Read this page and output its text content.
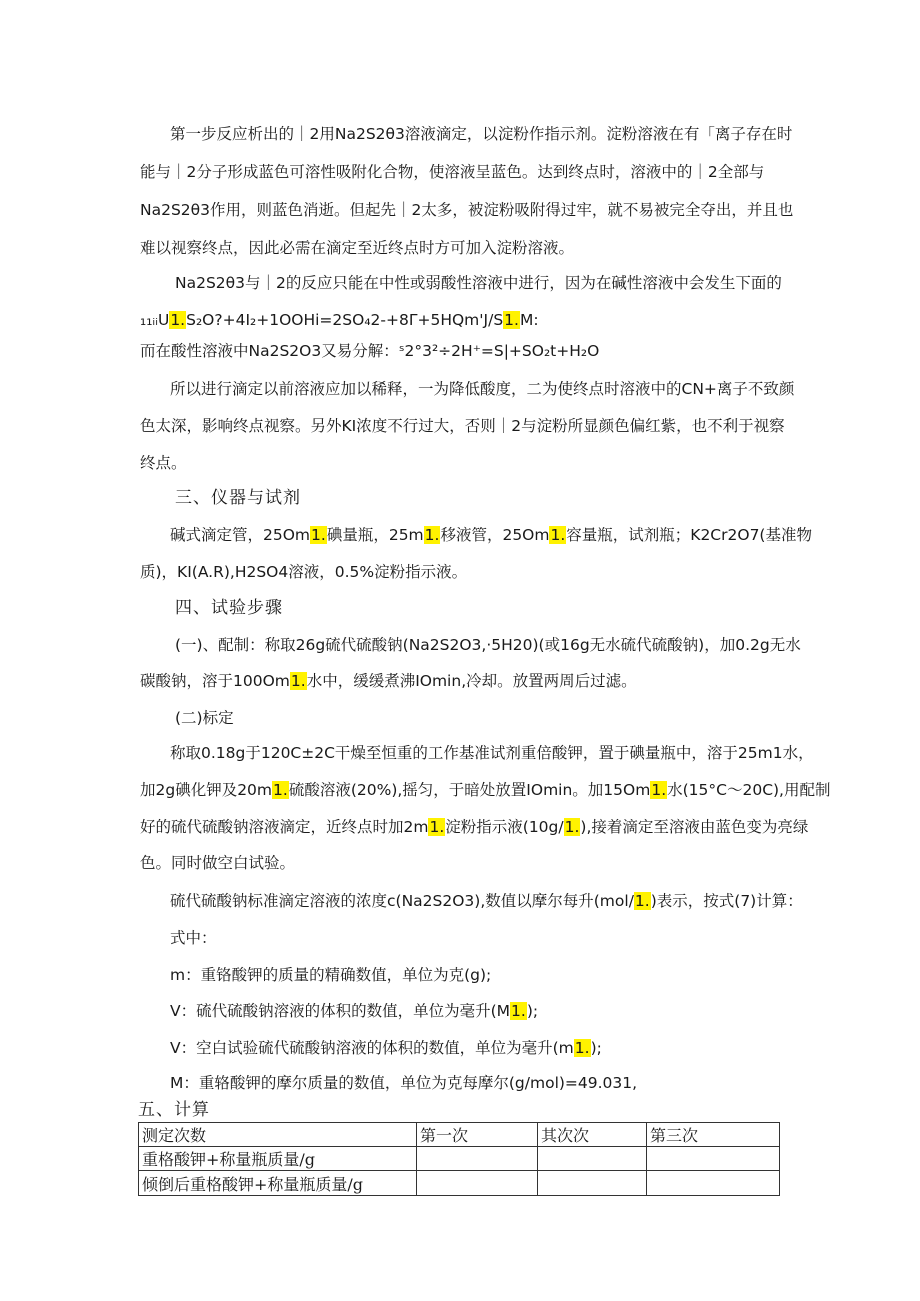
第一步反应析出的｜2用Na2S2θ3溶液滴定，以淀粉作指示剂。淀粉溶液在有「离子存在时
能与｜2分子形成蓝色可溶性吸附化合物，使溶液呈蓝色。达到终点时，溶液中的｜2全部与
Na2S2θ3作用，则蓝色消逝。但起先｜2太多，被淀粉吸附得过牢，就不易被完全夺出，并且也
难以视察终点，因此必需在滴定至近终点时方可加入淀粉溶液。
Na2S2θ3与｜2的反应只能在中性或弱酸性溶液中进行，因为在碱性溶液中会发生下面的
₁₁ᵢᵢU1.S₂O?+4I₂+1OOHi=2SO₄2-+8Γ+5HQm'J/S1.M:
而在酸性溶液中Na2S2O3又易分解：ˢ2°3²÷2H⁺=S|+SO₂t+H₂O
所以进行滴定以前溶液应加以稀释，一为降低酸度，二为使终点时溶液中的CN+离子不致颜
色太深，影响终点视察。另外KI浓度不行过大，否则｜2与淀粉所显颜色偏红紫，也不利于视察
终点。
三、仪器与试剂
碱式滴定管，25Om1.碘量瓶，25m1.移液管，25Om1.容量瓶，试剂瓶；K2Cr2O7(基准物
质)，KI(A.R),H2SO4溶液，0.5%淀粉指示液。
四、试验步骤
(一)、配制：称取26g硫代硫酸钠(Na2S2O3,·5H20)(或16g无水硫代硫酸钠)，加0.2g无水
碳酸钠，溶于100Om1.水中，缓缓煮沸IOmin,冷却。放置两周后过滤。
(二)标定
称取0.18g于120C±2C干燥至恒重的工作基准试剂重倍酸钾，置于碘量瓶中，溶于25m1水，
加2g碘化钾及20m1.硫酸溶液(20%),摇匀，于暗处放置IOmin。加15Om1.水(15°C～20C),用配制
好的硫代硫酸钠溶液滴定，近终点时加2m1.淀粉指示液(10g/1.),接着滴定至溶液由蓝色变为亮绿
色。同时做空白试验。
硫代硫酸钠标准滴定溶液的浓度c(Na2S2O3),数值以摩尔每升(mol/1.)表示，按式(7)计算：
式中：
m：重铬酸钾的质量的精确数值，单位为克(g);
V：硫代硫酸钠溶液的体积的数值，单位为毫升(M1.);
V：空白试验硫代硫酸钠溶液的体积的数值，单位为毫升(m1.);
M：重辂酸钾的摩尔质量的数值，单位为克每摩尔(g/mol)=49.031,
五、计算
测定次数	第一次	其次次	第三次
重格酸钾+称量瓶质量/g			
倾倒后重格酸钾+称量瓶质量/g			
